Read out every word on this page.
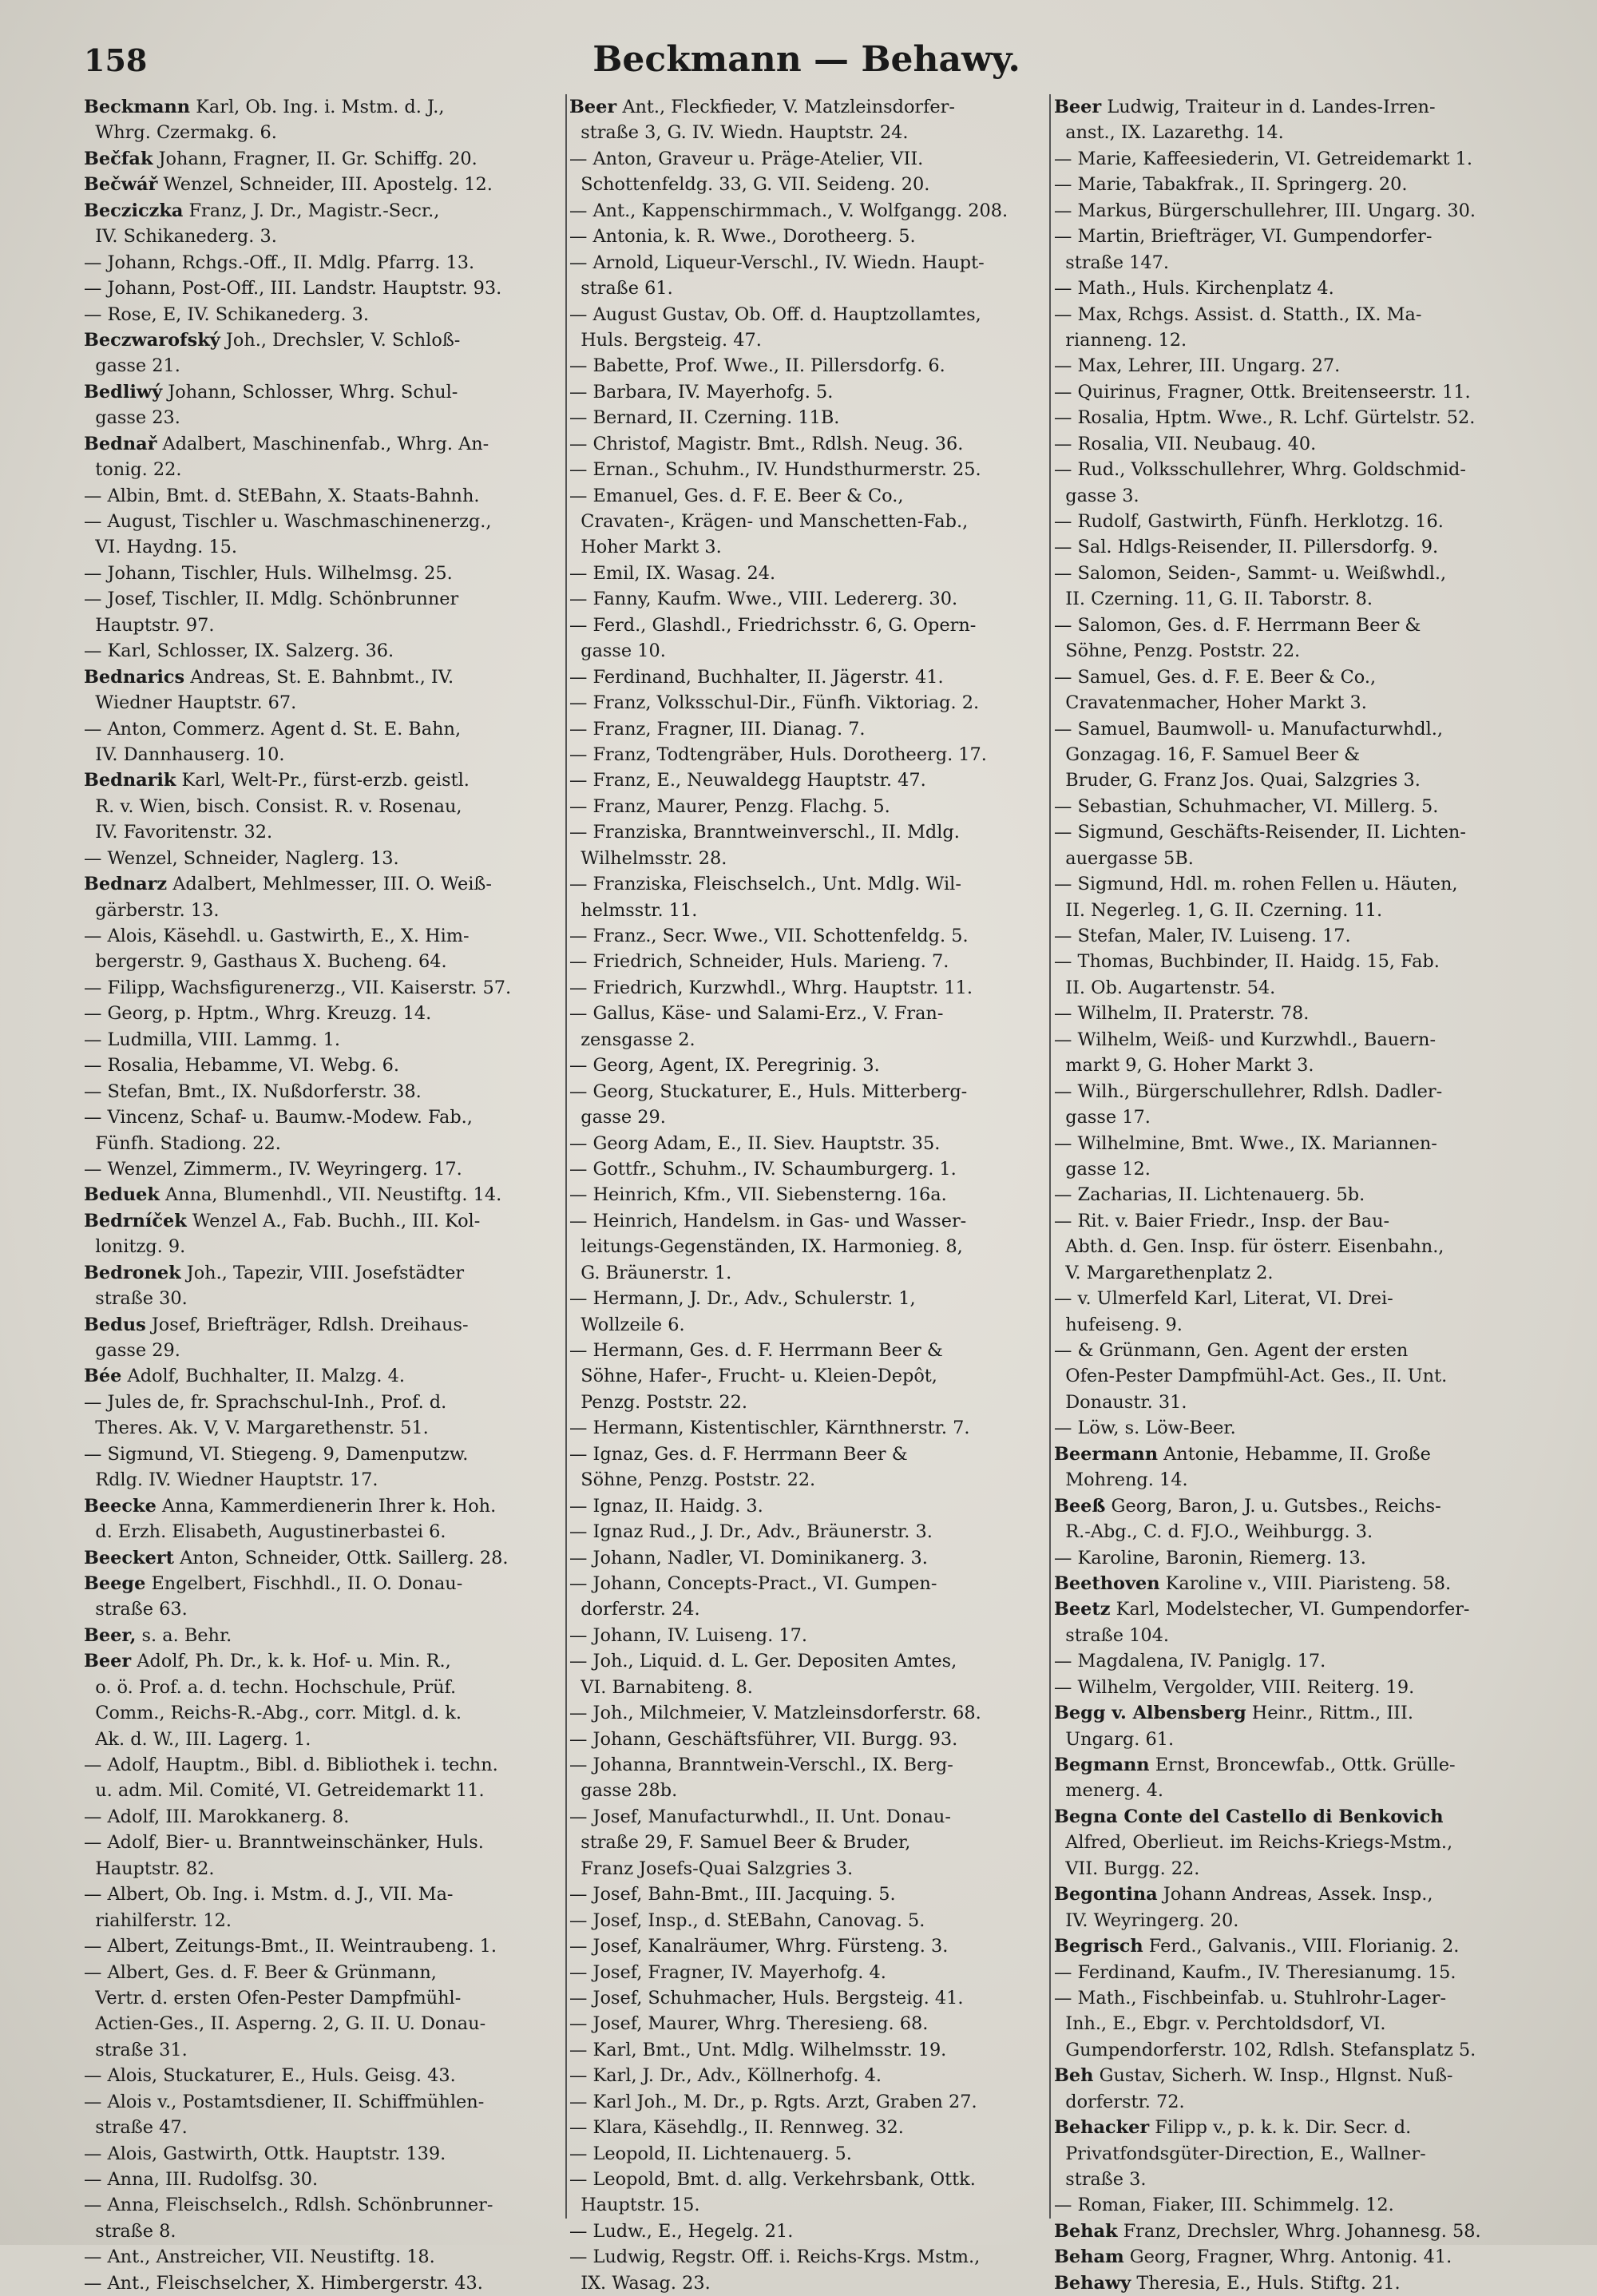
158	Beckmann — Behawy.
Beckmann Karl, Ob. Ing. i. Mstm. d. J.,
Whrg. Czermakg. 6.
Bečfak Johann, Fragner, II. Gr. Schiffg. 20.
Bečwář Wenzel, Schneider, III. Apostelg. 12.
Becziczka Franz, J. Dr., Magistr.-Secr.,
IV. Schikanederg. 3.
— Johann, Rchgs.-Off., II. Mdlg. Pfarrg. 13.
— Johann, Post-Off., III. Landstr. Hauptstr. 93.
— Rose, E, IV. Schikanederg. 3.
Beczwarofský Joh., Drechsler, V. Schloß-
gasse 21.
Bedliwý Johann, Schlosser, Whrg. Schul-
gasse 23.
Bednař Adalbert, Maschinenfab., Whrg. An-
tonig. 22.
— Albin, Bmt. d. StEBahn, X. Staats-Bahnh.
— August, Tischler u. Waschmaschinenerzg.,
VI. Haydng. 15.
— Johann, Tischler, Huls. Wilhelmsg. 25.
— Josef, Tischler, II. Mdlg. Schönbrunner
Hauptstr. 97.
— Karl, Schlosser, IX. Salzerg. 36.
Bednarics Andreas, St. E. Bahnbmt., IV.
Wiedner Hauptstr. 67.
— Anton, Commerz. Agent d. St. E. Bahn,
IV. Dannhauserg. 10.
Bednarik Karl, Welt-Pr., fürst-erzb. geistl.
R. v. Wien, bisch. Consist. R. v. Rosenau,
IV. Favoritenstr. 32.
— Wenzel, Schneider, Naglerg. 13.
Bednarz Adalbert, Mehlmesser, III. O. Weiß-
gärberstr. 13.
— Alois, Käsehdl. u. Gastwirth, E., X. Him-
bergerstr. 9, Gasthaus X. Bucheng. 64.
— Filipp, Wachsfigurenerzg., VII. Kaiserstr. 57.
— Georg, p. Hptm., Whrg. Kreuzg. 14.
— Ludmilla, VIII. Lammg. 1.
— Rosalia, Hebamme, VI. Webg. 6.
— Stefan, Bmt., IX. Nußdorferstr. 38.
— Vincenz, Schaf- u. Baumw.-Modew. Fab.,
Fünfh. Stadiong. 22.
— Wenzel, Zimmerm., IV. Weyringerg. 17.
Beduek Anna, Blumenhdl., VII. Neustiftg. 14.
Bedrníček Wenzel A., Fab. Buchh., III. Kol-
lonitzg. 9.
Bedronek Joh., Tapezir, VIII. Josefstädter
straße 30.
Bedus Josef, Briefträger, Rdlsh. Dreihaus-
gasse 29.
Bée Adolf, Buchhalter, II. Malzg. 4.
— Jules de, fr. Sprachschul-Inh., Prof. d.
Theres. Ak. V, V. Margarethenstr. 51.
— Sigmund, VI. Stiegeng. 9, Damenputzw.
Rdlg. IV. Wiedner Hauptstr. 17.
Beecke Anna, Kammerdienerin Ihrer k. Hoh.
d. Erzh. Elisabeth, Augustinerbastei 6.
Beeckert Anton, Schneider, Ottk. Saillerg. 28.
Beege Engelbert, Fischhdl., II. O. Donau-
straße 63.
Beer, s. a. Behr.
Beer Adolf, Ph. Dr., k. k. Hof- u. Min. R.,
o. ö. Prof. a. d. techn. Hochschule, Prüf.
Comm., Reichs-R.-Abg., corr. Mitgl. d. k.
Ak. d. W., III. Lagerg. 1.
— Adolf, Hauptm., Bibl. d. Bibliothek i. techn.
u. adm. Mil. Comité, VI. Getreidemarkt 11.
— Adolf, III. Marokkanerg. 8.
— Adolf, Bier- u. Branntweinschänker, Huls.
Hauptstr. 82.
— Albert, Ob. Ing. i. Mstm. d. J., VII. Ma-
riahilferstr. 12.
— Albert, Zeitungs-Bmt., II. Weintraubeng. 1.
— Albert, Ges. d. F. Beer & Grünmann,
Vertr. d. ersten Ofen-Pester Dampfmühl-
Actien-Ges., II. Asperng. 2, G. II. U. Donau-
straße 31.
— Alois, Stuckaturer, E., Huls. Geisg. 43.
— Alois v., Postamtsdiener, II. Schiffmühlen-
straße 47.
— Alois, Gastwirth, Ottk. Hauptstr. 139.
— Anna, III. Rudolfsg. 30.
— Anna, Fleischselch., Rdlsh. Schönbrunner-
straße 8.
— Ant., Anstreicher, VII. Neustiftg. 18.
— Ant., Fleischselcher, X. Himbergerstr. 43.
Beer Ant., Fleckfieder, V. Matzleinsdorfer-
straße 3, G. IV. Wiedn. Hauptstr. 24.
— Anton, Graveur u. Präge-Atelier, VII.
Schottenfeldg. 33, G. VII. Seideng. 20.
— Ant., Kappenschirmmach., V. Wolfgangg. 208.
— Antonia, k. R. Wwe., Dorotheerg. 5.
— Arnold, Liqueur-Verschl., IV. Wiedn. Haupt-
straße 61.
— August Gustav, Ob. Off. d. Hauptzollamtes,
Huls. Bergsteig. 47.
— Babette, Prof. Wwe., II. Pillersdorfg. 6.
— Barbara, IV. Mayerhofg. 5.
— Bernard, II. Czerning. 11B.
— Christof, Magistr. Bmt., Rdlsh. Neug. 36.
— Ernan., Schuhm., IV. Hundsthurmerstr. 25.
— Emanuel, Ges. d. F. E. Beer & Co.,
Cravaten-, Krägen- und Manschetten-Fab.,
Hoher Markt 3.
— Emil, IX. Wasag. 24.
— Fanny, Kaufm. Wwe., VIII. Ledererg. 30.
— Ferd., Glashdl., Friedrichsstr. 6, G. Opern-
gasse 10.
— Ferdinand, Buchhalter, II. Jägerstr. 41.
— Franz, Volksschul-Dir., Fünfh. Viktoriag. 2.
— Franz, Fragner, III. Dianag. 7.
— Franz, Todtengräber, Huls. Dorotheerg. 17.
— Franz, E., Neuwaldegg Hauptstr. 47.
— Franz, Maurer, Penzg. Flachg. 5.
— Franziska, Branntweinverschl., II. Mdlg.
Wilhelmsstr. 28.
— Franziska, Fleischselch., Unt. Mdlg. Wil-
helmsstr. 11.
— Franz., Secr. Wwe., VII. Schottenfeldg. 5.
— Friedrich, Schneider, Huls. Marieng. 7.
— Friedrich, Kurzwhdl., Whrg. Hauptstr. 11.
— Gallus, Käse- und Salami-Erz., V. Fran-
zensgasse 2.
— Georg, Agent, IX. Peregrinig. 3.
— Georg, Stuckaturer, E., Huls. Mitterberg-
gasse 29.
— Georg Adam, E., II. Siev. Hauptstr. 35.
— Gottfr., Schuhm., IV. Schaumburgerg. 1.
— Heinrich, Kfm., VII. Siebensterng. 16a.
— Heinrich, Handelsm. in Gas- und Wasser-
leitungs-Gegenständen, IX. Harmonieg. 8,
G. Bräunerstr. 1.
— Hermann, J. Dr., Adv., Schulerstr. 1,
Wollzeile 6.
— Hermann, Ges. d. F. Herrmann Beer &
Söhne, Hafer-, Frucht- u. Kleien-Depôt,
Penzg. Poststr. 22.
— Hermann, Kistentischler, Kärnthnerstr. 7.
— Ignaz, Ges. d. F. Herrmann Beer &
Söhne, Penzg. Poststr. 22.
— Ignaz, II. Haidg. 3.
— Ignaz Rud., J. Dr., Adv., Bräunerstr. 3.
— Johann, Nadler, VI. Dominikanerg. 3.
— Johann, Concepts-Pract., VI. Gumpen-
dorferstr. 24.
— Johann, IV. Luiseng. 17.
— Joh., Liquid. d. L. Ger. Depositen Amtes,
VI. Barnabiteng. 8.
— Joh., Milchmeier, V. Matzleinsdorferstr. 68.
— Johann, Geschäftsführer, VII. Burgg. 93.
— Johanna, Branntwein-Verschl., IX. Berg-
gasse 28b.
— Josef, Manufacturwhdl., II. Unt. Donau-
straße 29, F. Samuel Beer & Bruder,
Franz Josefs-Quai Salzgries 3.
— Josef, Bahn-Bmt., III. Jacquing. 5.
— Josef, Insp., d. StEBahn, Canovag. 5.
— Josef, Kanalräumer, Whrg. Fürsteng. 3.
— Josef, Fragner, IV. Mayerhofg. 4.
— Josef, Schuhmacher, Huls. Bergsteig. 41.
— Josef, Maurer, Whrg. Theresieng. 68.
— Karl, Bmt., Unt. Mdlg. Wilhelmsstr. 19.
— Karl, J. Dr., Adv., Köllnerhofg. 4.
— Karl Joh., M. Dr., p. Rgts. Arzt, Graben 27.
— Klara, Käsehdlg., II. Rennweg. 32.
— Leopold, II. Lichtenauerg. 5.
— Leopold, Bmt. d. allg. Verkehrsbank, Ottk.
Hauptstr. 15.
— Ludw., E., Hegelg. 21.
— Ludwig, Regstr. Off. i. Reichs-Krgs. Mstm.,
IX. Wasag. 23.
Beer Ludwig, Traiteur in d. Landes-Irren-
anst., IX. Lazarethg. 14.
— Marie, Kaffeesiederin, VI. Getreidemarkt 1.
— Marie, Tabakfrak., II. Springerg. 20.
— Markus, Bürgerschullehrer, III. Ungarg. 30.
— Martin, Briefträger, VI. Gumpendorfer-
straße 147.
— Math., Huls. Kirchenplatz 4.
— Max, Rchgs. Assist. d. Statth., IX. Ma-
rianneng. 12.
— Max, Lehrer, III. Ungarg. 27.
— Quirinus, Fragner, Ottk. Breitenseerstr. 11.
— Rosalia, Hptm. Wwe., R. Lchf. Gürtelstr. 52.
— Rosalia, VII. Neubaug. 40.
— Rud., Volksschullehrer, Whrg. Goldschmid-
gasse 3.
— Rudolf, Gastwirth, Fünfh. Herklotzg. 16.
— Sal. Hdlgs-Reisender, II. Pillersdorfg. 9.
— Salomon, Seiden-, Sammt- u. Weißwhdl.,
II. Czerning. 11, G. II. Taborstr. 8.
— Salomon, Ges. d. F. Herrmann Beer &
Söhne, Penzg. Poststr. 22.
— Samuel, Ges. d. F. E. Beer & Co.,
Cravatenmacher, Hoher Markt 3.
— Samuel, Baumwoll- u. Manufacturwhdl.,
Gonzagag. 16, F. Samuel Beer &
Bruder, G. Franz Jos. Quai, Salzgries 3.
— Sebastian, Schuhmacher, VI. Millerg. 5.
— Sigmund, Geschäfts-Reisender, II. Lichten-
auergasse 5B.
— Sigmund, Hdl. m. rohen Fellen u. Häuten,
II. Negerleg. 1, G. II. Czerning. 11.
— Stefan, Maler, IV. Luiseng. 17.
— Thomas, Buchbinder, II. Haidg. 15, Fab.
II. Ob. Augartenstr. 54.
— Wilhelm, II. Praterstr. 78.
— Wilhelm, Weiß- und Kurzwhdl., Bauern-
markt 9, G. Hoher Markt 3.
— Wilh., Bürgerschullehrer, Rdlsh. Dadler-
gasse 17.
— Wilhelmine, Bmt. Wwe., IX. Mariannen-
gasse 12.
— Zacharias, II. Lichtenauerg. 5b.
— Rit. v. Baier Friedr., Insp. der Bau-
Abth. d. Gen. Insp. für österr. Eisenbahn.,
V. Margarethenplatz 2.
— v. Ulmerfeld Karl, Literat, VI. Drei-
hufeiseng. 9.
— & Grünmann, Gen. Agent der ersten
Ofen-Pester Dampfmühl-Act. Ges., II. Unt.
Donaustr. 31.
— Löw, s. Löw-Beer.
Beermann Antonie, Hebamme, II. Große
Mohreng. 14.
Beeß Georg, Baron, J. u. Gutsbes., Reichs-
R.-Abg., C. d. FJ.O., Weihburgg. 3.
— Karoline, Baronin, Riemerg. 13.
Beethoven Karoline v., VIII. Piaristeng. 58.
Beetz Karl, Modelstecher, VI. Gumpendorfer-
straße 104.
— Magdalena, IV. Paniglg. 17.
— Wilhelm, Vergolder, VIII. Reiterg. 19.
Begg v. Albensberg Heinr., Rittm., III.
Ungarg. 61.
Begmann Ernst, Broncewfab., Ottk. Grülle-
menerg. 4.
Begna Conte del Castello di Benkovich
Alfred, Oberlieut. im Reichs-Kriegs-Mstm.,
VII. Burgg. 22.
Begontina Johann Andreas, Assek. Insp.,
IV. Weyringerg. 20.
Begrisch Ferd., Galvanis., VIII. Florianig. 2.
— Ferdinand, Kaufm., IV. Theresianumg. 15.
— Math., Fischbeinfab. u. Stuhlrohr-Lager-
Inh., E., Ebgr. v. Perchtoldsdorf, VI.
Gumpendorferstr. 102, Rdlsh. Stefansplatz 5.
Beh Gustav, Sicherh. W. Insp., Hlgnst. Nuß-
dorferstr. 72.
Behacker Filipp v., p. k. k. Dir. Secr. d.
Privatfondsgüter-Direction, E., Wallner-
straße 3.
— Roman, Fiaker, III. Schimmelg. 12.
Behak Franz, Drechsler, Whrg. Johannesg. 58.
Beham Georg, Fragner, Whrg. Antonig. 41.
Behawy Theresia, E., Huls. Stiftg. 21.
